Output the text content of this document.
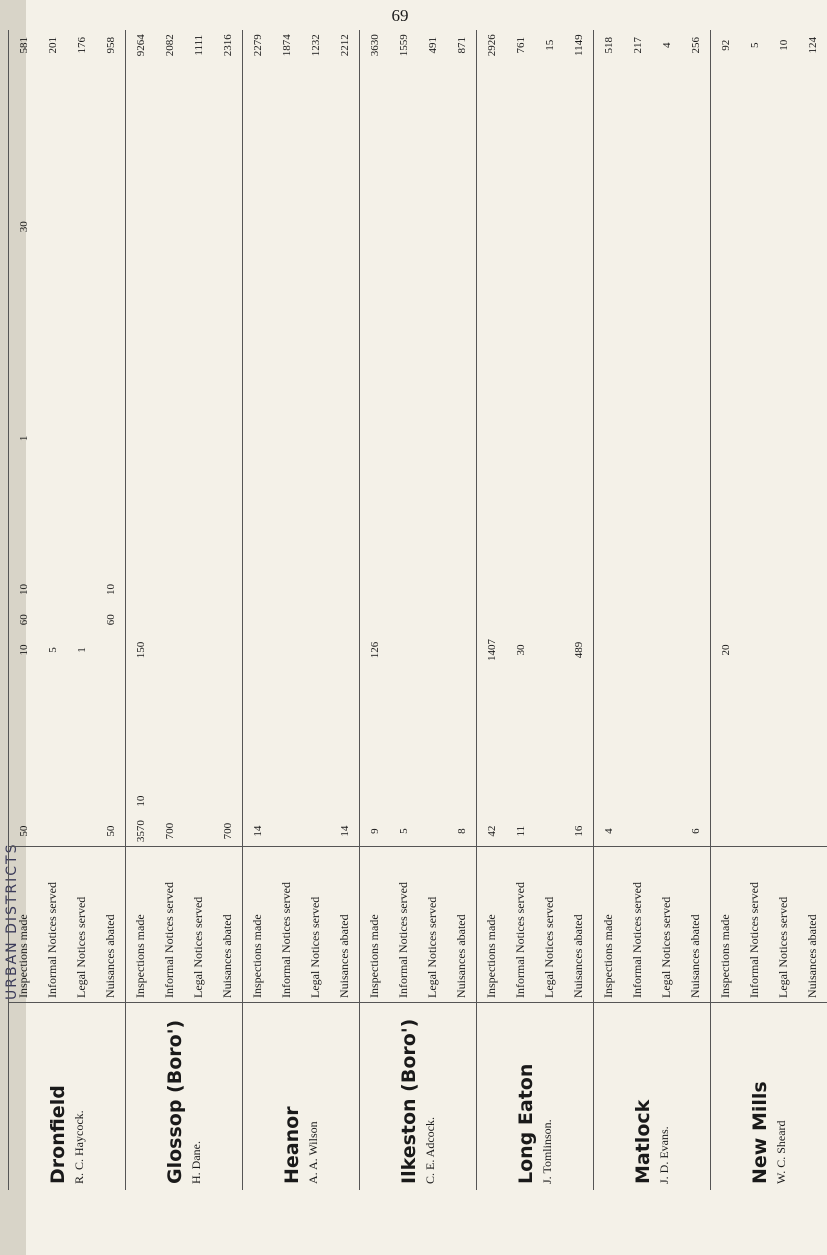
URBAN DISTRICTS
69
Dronfield R. C. Haycock.	Inspections made	50						10	60	10					1							30						581
	Informal Notices served							5																				201
	Legal Notices served							1																				176
	Nuisances abated	50							60	10																		958

Glossop (Boro') H. Dane.	Inspections made	3570	10					150																				9264
	Informal Notices served	700																										2082
	Legal Notices served																											1111
	Nuisances abated	700																										2316

Heanor A. A. Wilson	Inspections made	14																										2279
	Informal Notices served																											1874
	Legal Notices served																											1232
	Nuisances abated	14																										2212

Ilkeston (Boro') C. E. Adcock.	Inspections made	9						126																				3630
	Informal Notices served	5																										1559
	Legal Notices served																											491
	Nuisances abated	8																										871

Long Eaton J. Tomlinson.	Inspections made	42						1407																				2926
	Informal Notices served	11						30																				761
	Legal Notices served																											15
	Nuisances abated	16						489																				1149

Matlock J. D. Evans.	Inspections made	4																										518
	Informal Notices served																											217
	Legal Notices served																											4
	Nuisances abated	6																										256

New Mills W. C. Sheard	Inspections made							20																				92
	Informal Notices served																											5
	Legal Notices served																											10
	Nuisances abated																											124
